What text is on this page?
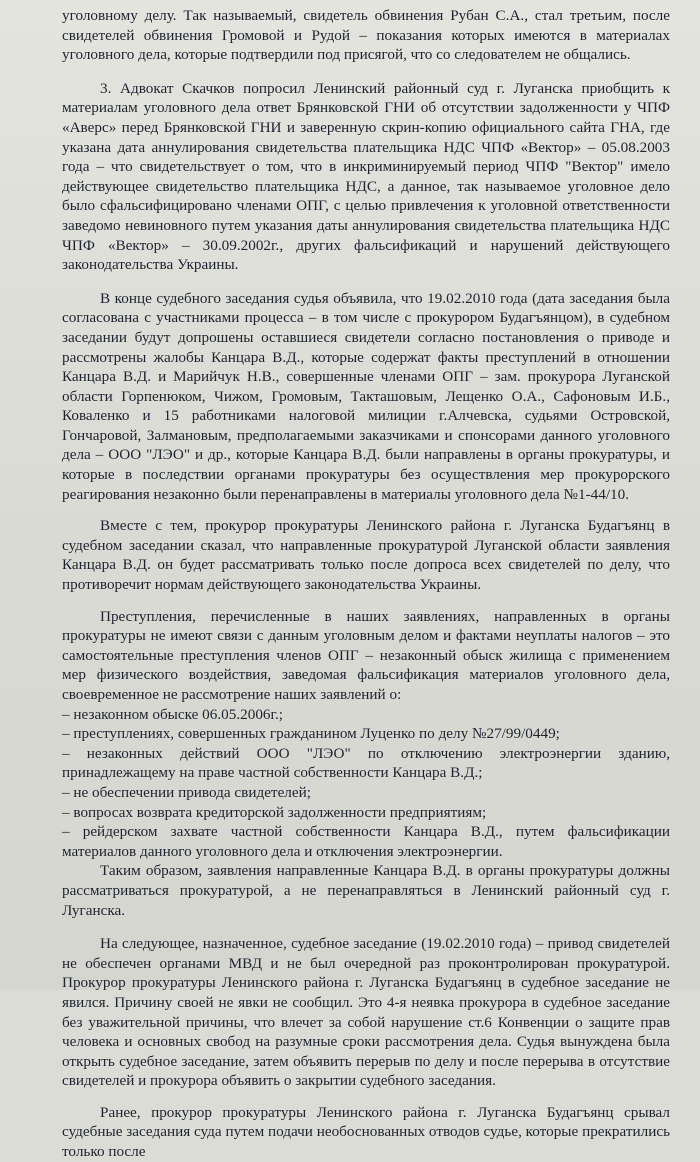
уголовному делу. Так называемый, свидетель обвинения Рубан С.А., стал третьим, после свидетелей обвинения Громовой и Рудой – показания которых имеются в материалах уголовного дела, которые подтвердили под присягой, что со следователем не общались.

3. Адвокат Скачков попросил Ленинский районный суд г. Луганска приобщить к материалам уголовного дела ответ Брянковской ГНИ об отсутствии задолженности у ЧПФ «Аверс» перед Брянковской ГНИ и заверенную скрин-копию официального сайта ГНА, где указана дата аннулирования свидетельства плательщика НДС ЧПФ «Вектор» – 05.08.2003 года – что свидетельствует о том, что в инкриминируемый период ЧПФ "Вектор" имело действующее свидетельство плательщика НДС, а данное, так называемое уголовное дело было сфальсифицировано членами ОПГ, с целью привлечения к уголовной ответственности заведомо невиновного путем указания даты аннулирования свидетельства плательщика НДС ЧПФ «Вектор» – 30.09.2002г., других фальсификаций и нарушений действующего законодательства Украины.

В конце судебного заседания судья объявила, что 19.02.2010 года (дата заседания была согласована с участниками процесса – в том числе с прокурором Будагъянцом), в судебном заседании будут допрошены оставшиеся свидетели согласно постановления о приводе и рассмотрены жалобы Канцара В.Д., которые содержат факты преступлений в отношении Канцара В.Д. и Марийчук Н.В., совершенные членами ОПГ – зам. прокурора Луганской области Горпенюком, Чижом, Громовым, Такташовым, Лещенко О.А., Сафоновым И.Б., Коваленко и 15 работниками налоговой милиции г.Алчевска, судьями Островской, Гончаровой, Залмановым, предполагаемыми заказчиками и спонсорами данного уголовного дела – ООО "ЛЭО" и др., которые Канцара В.Д. были направлены в органы прокуратуры, и которые в последствии органами прокуратуры без осуществления мер прокурорского реагирования незаконно были перенаправлены в материалы уголовного дела №1-44/10.

Вместе с тем, прокурор прокуратуры Ленинского района г. Луганска Будагъянц в судебном заседании сказал, что направленные прокуратурой Луганской области заявления Канцара В.Д. он будет рассматривать только после допроса всех свидетелей по делу, что противоречит нормам действующего законодательства Украины.

Преступления, перечисленные в наших заявлениях, направленных в органы прокуратуры не имеют связи с данным уголовным делом и фактами неуплаты налогов – это самостоятельные преступления членов ОПГ – незаконный обыск жилища с применением мер физического воздействия, заведомая фальсификация материалов уголовного дела, своевременное не рассмотрение наших заявлений о:

– незаконном обыске 06.05.2006г.;
– преступлениях, совершенных гражданином Луценко по делу №27/99/0449;
– незаконных действий ООО "ЛЭО" по отключению электроэнергии зданию, принадлежащему на праве частной собственности Канцара В.Д.;
– не обеспечении привода свидетелей;
– вопросах возврата кредиторской задолженности предприятиям;
– рейдерском захвате частной собственности Канцара В.Д., путем фальсификации материалов данного уголовного дела и отключения электроэнергии.

Таким образом, заявления направленные Канцара В.Д. в органы прокуратуры должны рассматриваться прокуратурой, а не перенаправляться в Ленинский районный суд г. Луганска.

На следующее, назначенное, судебное заседание (19.02.2010 года) – привод свидетелей не обеспечен органами МВД и не был очередной раз проконтролирован прокуратурой. Прокурор прокуратуры Ленинского района г. Луганска Будагъянц в судебное заседание не явился. Причину своей не явки не сообщил. Это 4-я неявка прокурора в судебное заседание без уважительной причины, что влечет за собой нарушение ст.6 Конвенции о защите прав человека и основных свобод на разумные сроки рассмотрения дела. Судья вынуждена была открыть судебное заседание, затем объявить перерыв по делу и после перерыва в отсутствие свидетелей и прокурора объявить о закрытии судебного заседания.

Ранее, прокурор прокуратуры Ленинского района г. Луганска Будагъянц срывал судебные заседания суда путем подачи необоснованных отводов судье, которые прекратились только после
